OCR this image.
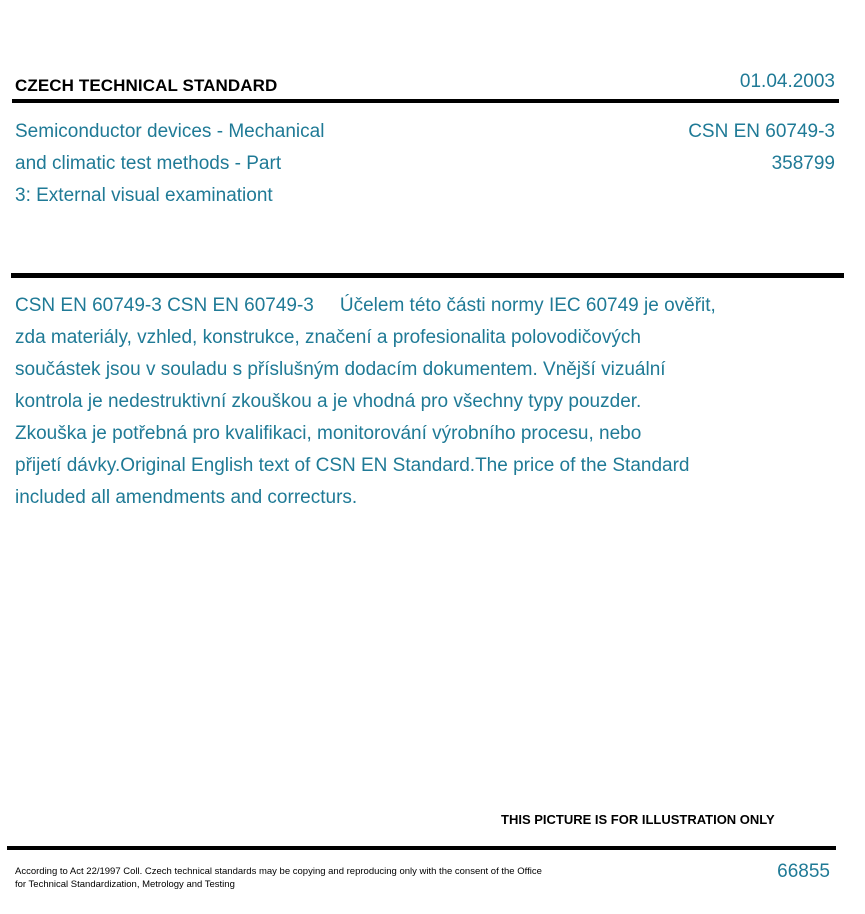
CZECH TECHNICAL STANDARD	01.04.2003
Semiconductor devices - Mechanical
and climatic test methods - Part
3: External visual examinationt
CSN EN 60749-3
358799
CSN EN 60749-3 CSN EN 60749-3 Účelem této části normy IEC 60749 je ověřit,
zda materiály, vzhled, konstrukce, značení a profesionalita polovodičových
součástek jsou v souladu s příslušným dodacím dokumentem. Vnější vizuální
kontrola je nedestruktivní zkouškou a je vhodná pro všechny typy pouzder.
Zkouška je potřebná pro kvalifikaci, monitorování výrobního procesu, nebo
přijetí dávky.Original English text of CSN EN Standard.The price of the Standard
included all amendments and correcturs.
THIS PICTURE IS FOR ILLUSTRATION ONLY
According to Act 22/1997 Coll. Czech technical standards may be copying and reproducing only with the consent of the Office
for Technical Standardization, Metrology and Testing
66855
